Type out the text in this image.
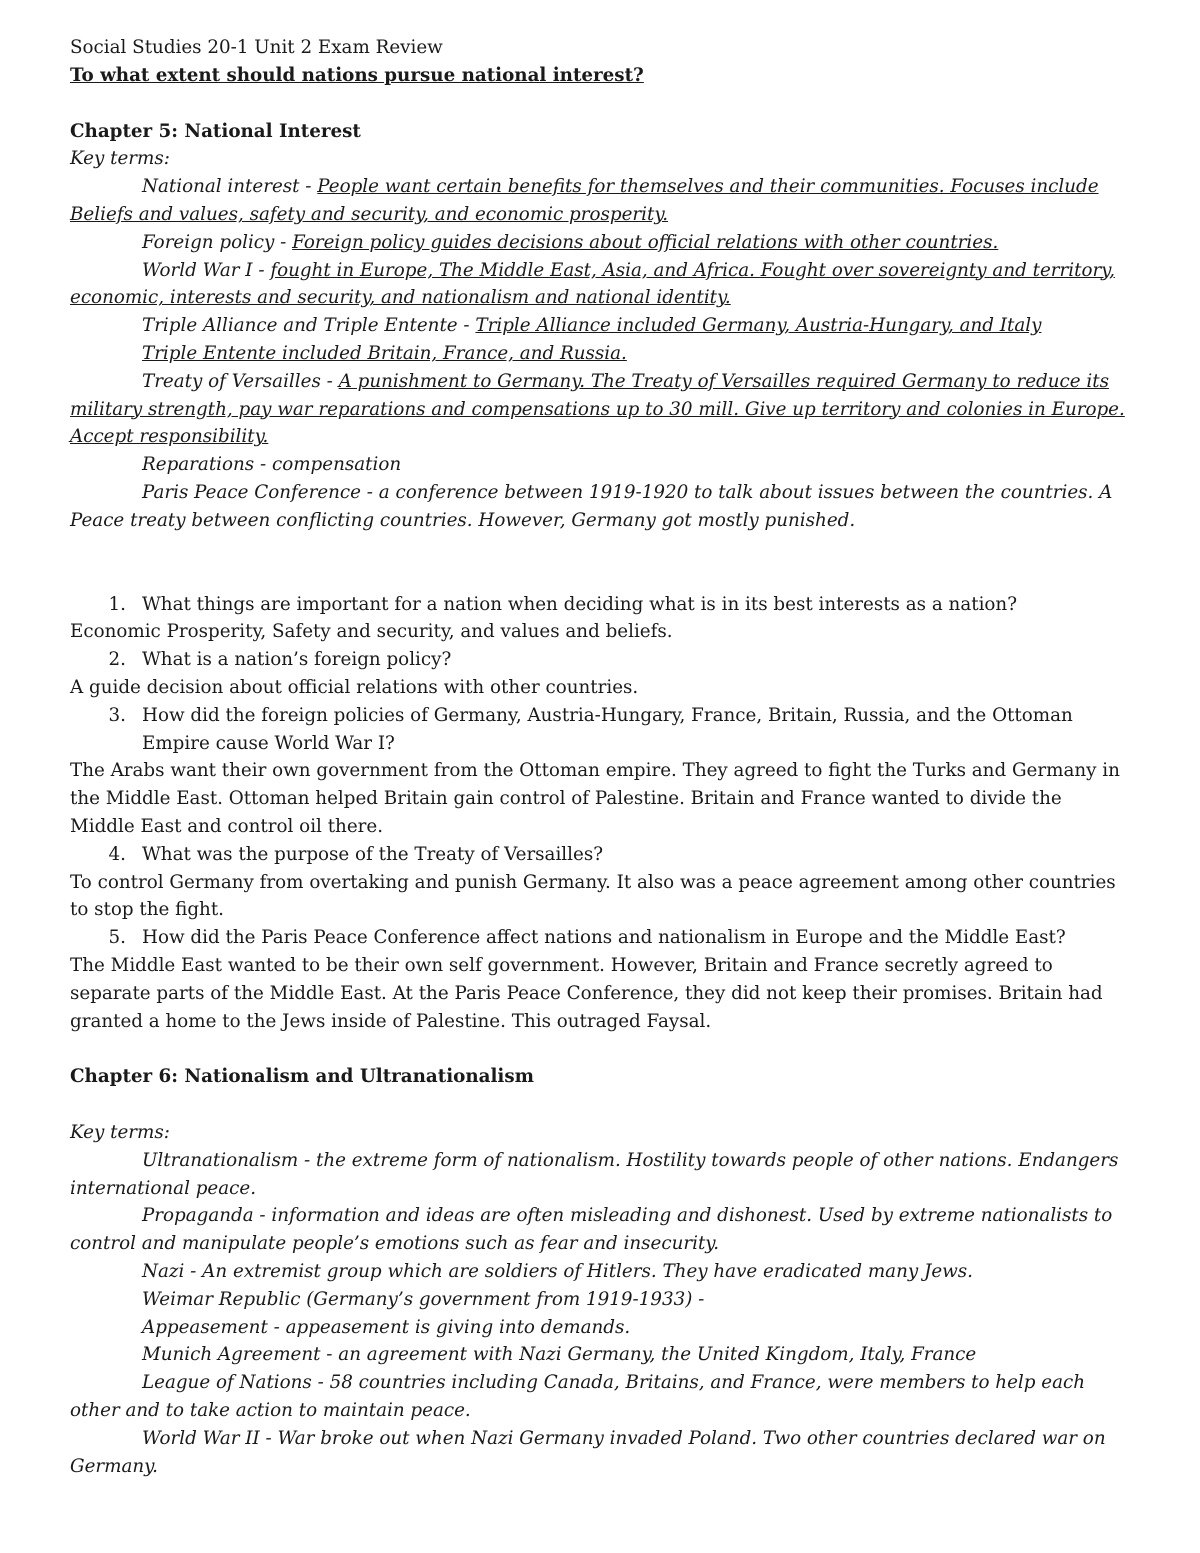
Social Studies 20-1 Unit 2 Exam Review

To what extent should nations pursue national interest?

Chapter 5: National Interest

Key terms:

National interest - People want certain benefits for themselves and their communities. Focuses include Beliefs and values, safety and security, and economic prosperity.

Foreign policy - Foreign policy guides decisions about official relations with other countries.

World War I - fought in Europe, The Middle East, Asia, and Africa. Fought over sovereignty and territory, economic, interests and security, and nationalism and national identity.

Triple Alliance and Triple Entente - Triple Alliance included Germany, Austria-Hungary, and Italy

Triple Entente included Britain, France, and Russia.

Treaty of Versailles - A punishment to Germany. The Treaty of Versailles required Germany to reduce its military strength, pay war reparations and compensations up to 30 mill. Give up territory and colonies in Europe. Accept responsibility.

Reparations - compensation

Paris Peace Conference - a conference between 1919-1920 to talk about issues between the countries. A Peace treaty between conflicting countries. However, Germany got mostly punished.

1. What things are important for a nation when deciding what is in its best interests as a nation?

Economic Prosperity, Safety and security, and values and beliefs.

2. What is a nation’s foreign policy?

A guide decision about official relations with other countries.

3. How did the foreign policies of Germany, Austria-Hungary, France, Britain, Russia, and the Ottoman Empire cause World War I?

The Arabs want their own government from the Ottoman empire. They agreed to fight the Turks and Germany in the Middle East. Ottoman helped Britain gain control of Palestine. Britain and France wanted to divide the Middle East and control oil there.

4. What was the purpose of the Treaty of Versailles?

To control Germany from overtaking and punish Germany. It also was a peace agreement among other countries to stop the fight.

5. How did the Paris Peace Conference affect nations and nationalism in Europe and the Middle East?

The Middle East wanted to be their own self government. However, Britain and France secretly agreed to separate parts of the Middle East. At the Paris Peace Conference, they did not keep their promises. Britain had granted a home to the Jews inside of Palestine. This outraged Faysal.

Chapter 6: Nationalism and Ultranationalism

Key terms:

Ultranationalism - the extreme form of nationalism. Hostility towards people of other nations. Endangers international peace.

Propaganda - information and ideas are often misleading and dishonest. Used by extreme nationalists to control and manipulate people’s emotions such as fear and insecurity.

Nazi - An extremist group which are soldiers of Hitlers. They have eradicated many Jews.

Weimar Republic (Germany’s government from 1919-1933) -

Appeasement - appeasement is giving into demands.

Munich Agreement - an agreement with Nazi Germany, the United Kingdom, Italy, France

League of Nations - 58 countries including Canada, Britains, and France, were members to help each other and to take action to maintain peace.

World War II - War broke out when Nazi Germany invaded Poland. Two other countries declared war on Germany.
